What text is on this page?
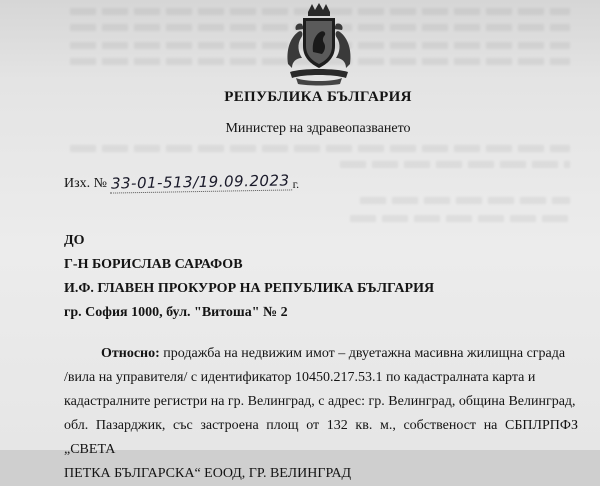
РЕПУБЛИКА БЪЛГАРИЯ
Министер на здравеопазването
Изх. № 33-01-513/19.09.2023 г.
ДО
Г-Н БОРИСЛАВ САРАФОВ
И.Ф. ГЛАВЕН ПРОКУРОР НА РЕПУБЛИКА БЪЛГАРИЯ
гр. София 1000, бул. "Витоша" № 2
Относно: продажба на недвижим имот – двуетажна масивна жилищна сграда
/вила на управителя/ с идентификатор 10450.217.53.1 по кадастралната карта и
кадастралните регистри на гр. Велинград, с адрес: гр. Велинград, община Велинград,
обл. Пазарджик, със застроена площ от 132 кв. м., собственост на СБПЛРПФЗ „СВЕТА
ПЕТКА БЪЛГАРСКА“ ЕООД, ГР. ВЕЛИНГРАД
